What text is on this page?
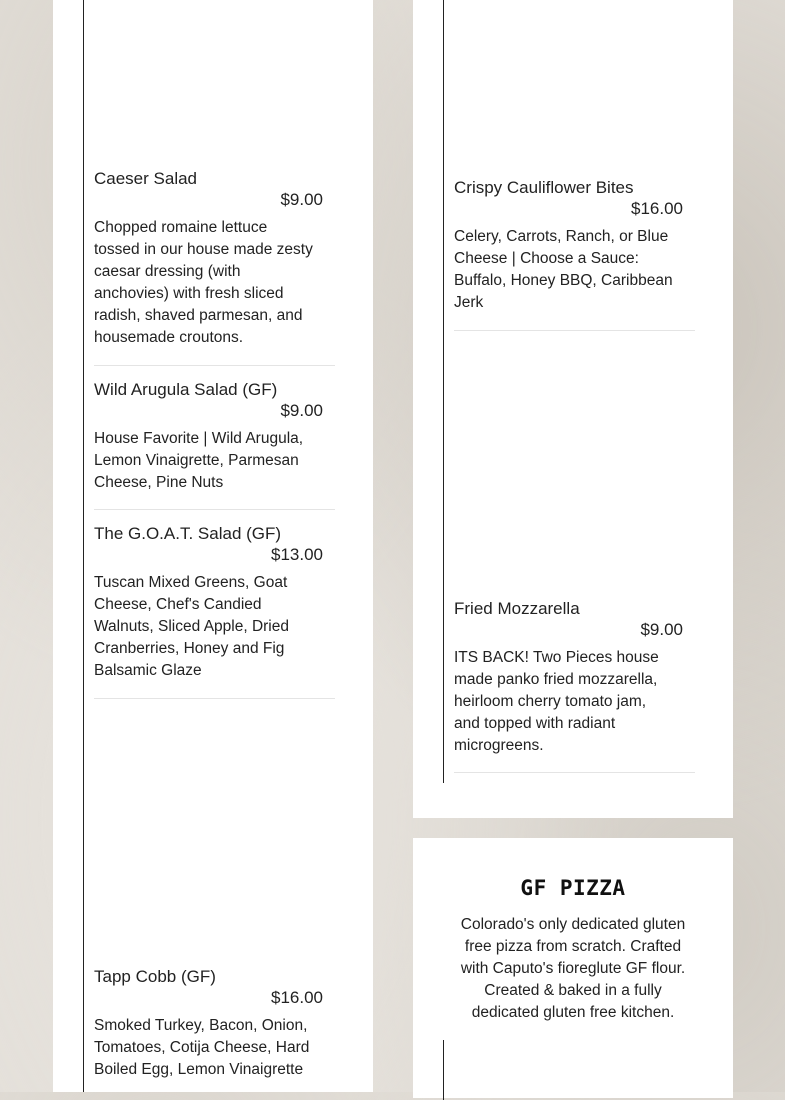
Caeser Salad
$9.00
Chopped romaine lettuce tossed in our house made zesty caesar dressing (with anchovies) with fresh sliced radish, shaved parmesan, and housemade croutons.
Wild Arugula Salad (GF)
$9.00
House Favorite | Wild Arugula, Lemon Vinaigrette, Parmesan Cheese, Pine Nuts
The G.O.A.T. Salad (GF)
$13.00
Tuscan Mixed Greens, Goat Cheese, Chef's Candied Walnuts, Sliced Apple, Dried Cranberries, Honey and Fig Balsamic Glaze
Tapp Cobb (GF)
$16.00
Smoked Turkey, Bacon, Onion, Tomatoes, Cotija Cheese, Hard Boiled Egg, Lemon Vinaigrette
Crispy Cauliflower Bites
$16.00
Celery, Carrots, Ranch, or Blue Cheese | Choose a Sauce: Buffalo, Honey BBQ, Caribbean Jerk
Fried Mozzarella
$9.00
ITS BACK! Two Pieces house made panko fried mozzarella, heirloom cherry tomato jam, and topped with radiant microgreens.
GF PIZZA
Colorado's only dedicated gluten free pizza from scratch. Crafted with Caputo's fioreglute GF flour. Created & baked in a fully dedicated gluten free kitchen.
